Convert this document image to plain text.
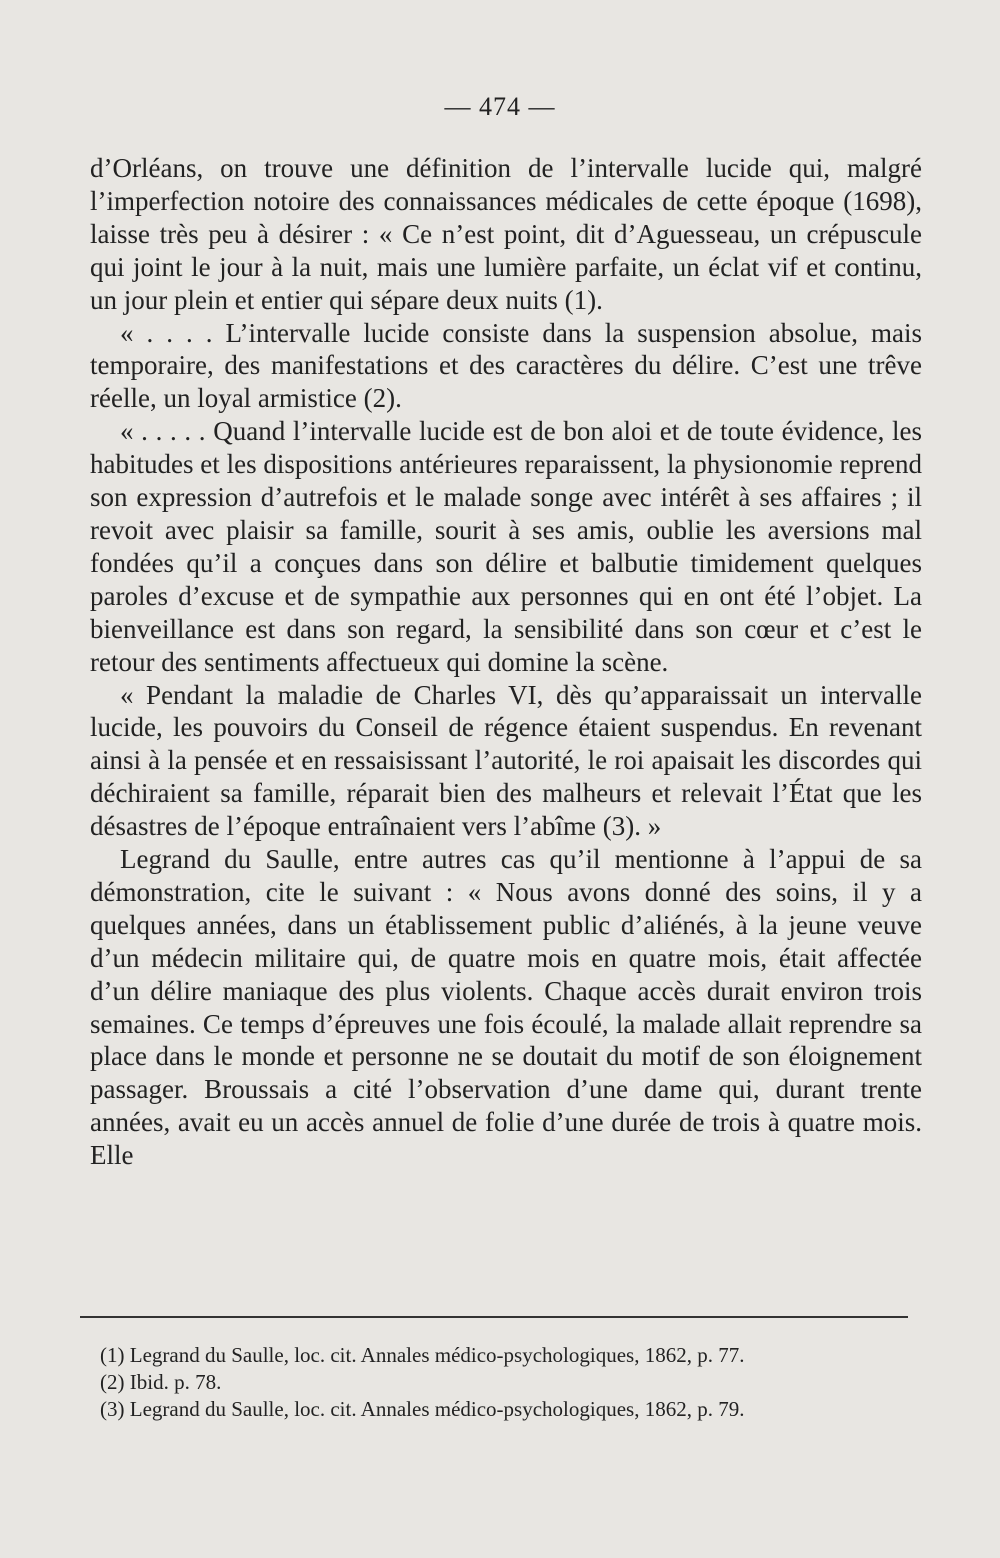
— 474 —

d’Orléans, on trouve une définition de l’intervalle lucide qui, malgré l’imperfection notoire des connaissances médicales de cette époque (1698), laisse très peu à désirer : « Ce n’est point, dit d’Aguesseau, un crépuscule qui joint le jour à la nuit, mais une lumière parfaite, un éclat vif et continu, un jour plein et entier qui sépare deux nuits (1).

« . . . . L’intervalle lucide consiste dans la suspension absolue, mais temporaire, des manifestations et des caractères du délire. C’est une trêve réelle, un loyal armistice (2).

« . . . . . Quand l’intervalle lucide est de bon aloi et de toute évidence, les habitudes et les dispositions antérieures reparaissent, la physionomie reprend son expression d’autrefois et le malade songe avec intérêt à ses affaires ; il revoit avec plaisir sa famille, sourit à ses amis, oublie les aversions mal fondées qu’il a conçues dans son délire et balbutie timidement quelques paroles d’excuse et de sympathie aux personnes qui en ont été l’objet. La bienveillance est dans son regard, la sensibilité dans son cœur et c’est le retour des sentiments affectueux qui domine la scène.

« Pendant la maladie de Charles VI, dès qu’apparaissait un intervalle lucide, les pouvoirs du Conseil de régence étaient suspendus. En revenant ainsi à la pensée et en ressaisissant l’autorité, le roi apaisait les discordes qui déchiraient sa famille, réparait bien des malheurs et relevait l’État que les désastres de l’époque entraînaient vers l’abîme (3). »

Legrand du Saulle, entre autres cas qu’il mentionne à l’appui de sa démonstration, cite le suivant : « Nous avons donné des soins, il y a quelques années, dans un établissement public d’aliénés, à la jeune veuve d’un médecin militaire qui, de quatre mois en quatre mois, était affectée d’un délire maniaque des plus violents. Chaque accès durait environ trois semaines. Ce temps d’épreuves une fois écoulé, la malade allait reprendre sa place dans le monde et personne ne se doutait du motif de son éloignement passager. Broussais a cité l’observation d’une dame qui, durant trente années, avait eu un accès annuel de folie d’une durée de trois à quatre mois. Elle

(1) Legrand du Saulle, loc. cit. Annales médico-psychologiques, 1862, p. 77.
(2) Ibid. p. 78.
(3) Legrand du Saulle, loc. cit. Annales médico-psychologiques, 1862, p. 79.
